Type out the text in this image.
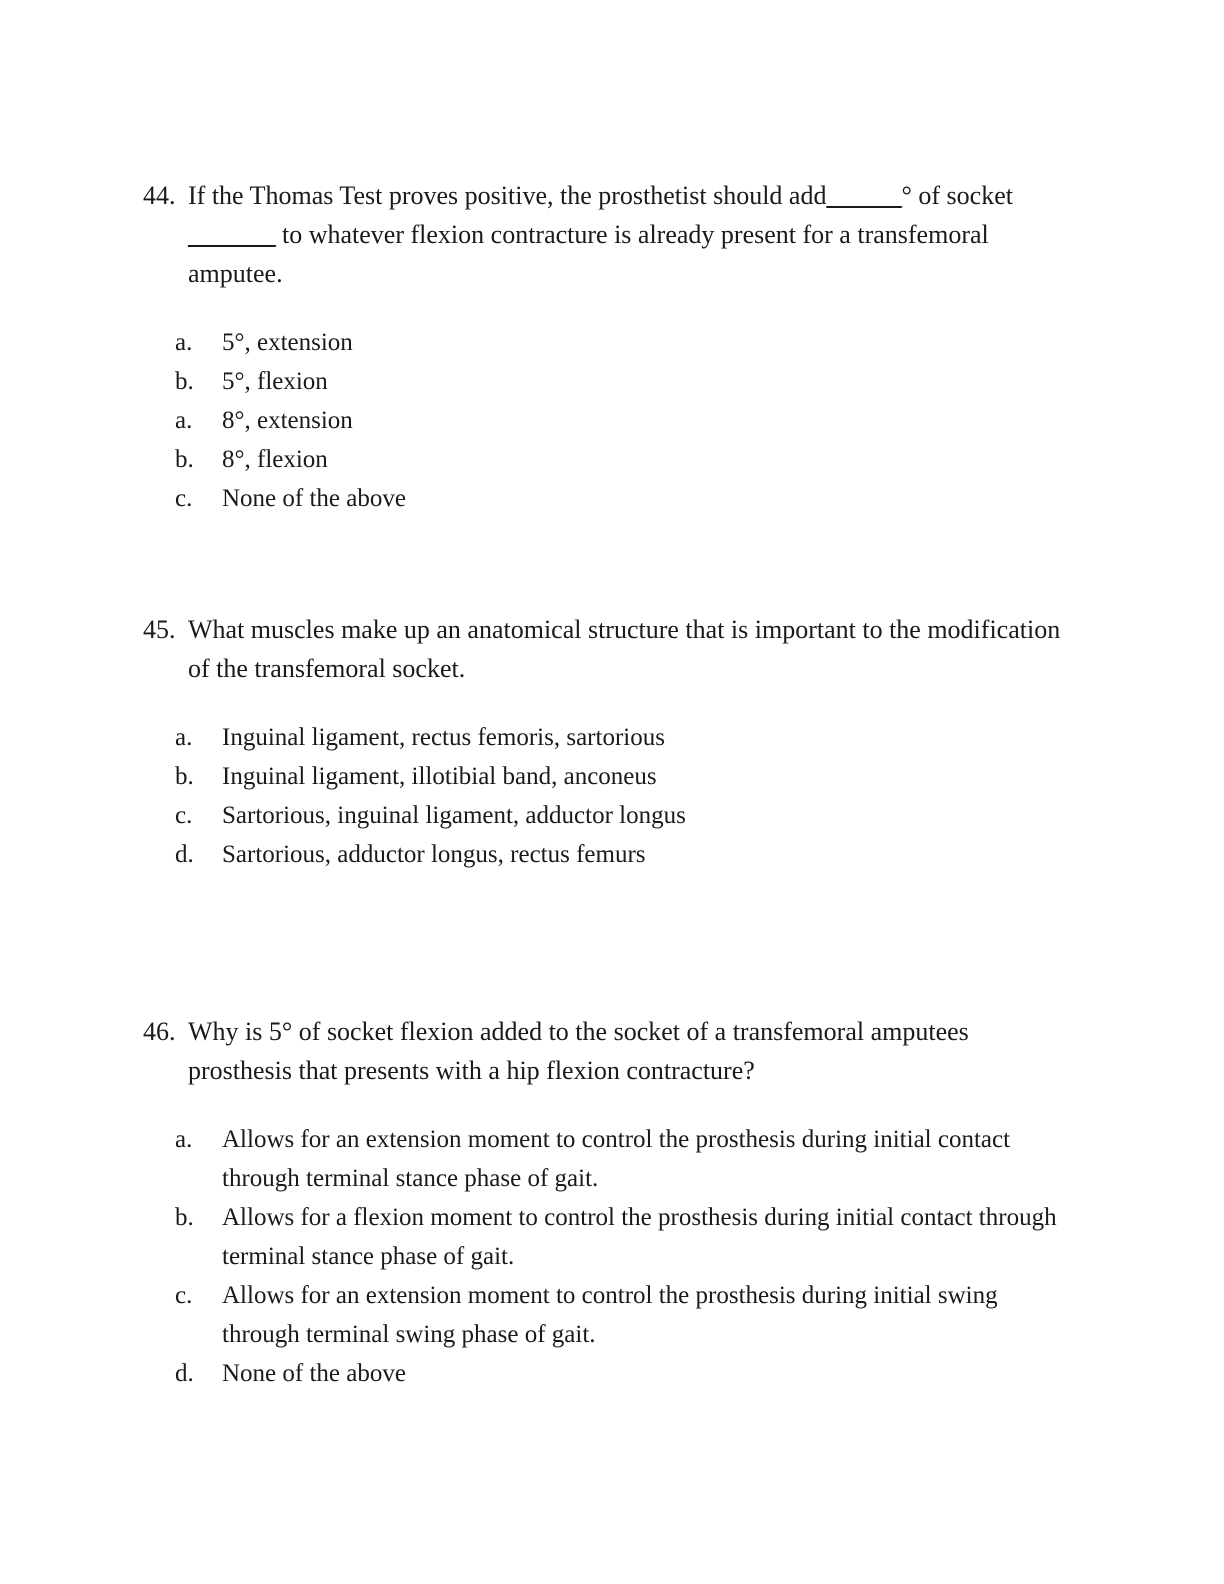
44. If the Thomas Test proves positive, the prosthetist should add______° of socket _______ to whatever flexion contracture is already present for a transfemoral amputee.
a.	5°, extension
b.	5°, flexion
a.	8°, extension
b.	8°, flexion
c.	None of the above
45. What muscles make up an anatomical structure that is important to the modification of the transfemoral socket.
a.	Inguinal ligament, rectus femoris, sartorious
b.	Inguinal ligament, illotibial band, anconeus
c.	Sartorious, inguinal ligament, adductor longus
d.	Sartorious, adductor longus, rectus femurs
46. Why is 5° of socket flexion added to the socket of a transfemoral amputees prosthesis that presents with a hip flexion contracture?
a.	Allows for an extension moment to control the prosthesis during initial contact through terminal stance phase of gait.
b.	Allows for a flexion moment to control the prosthesis during initial contact through terminal stance phase of gait.
c.	Allows for an extension moment to control the prosthesis during initial swing through terminal swing phase of gait.
d.	None of the above
